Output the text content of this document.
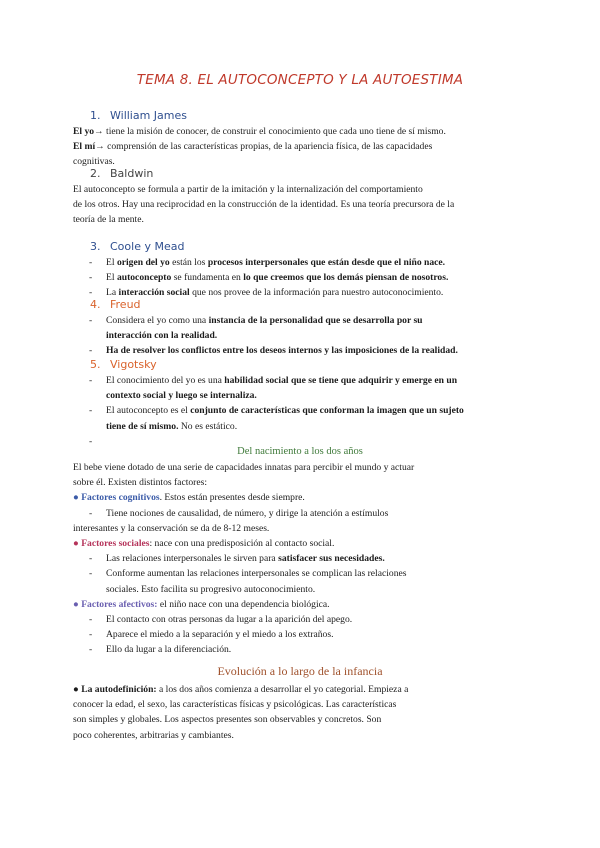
TEMA 8. EL AUTOCONCEPTO Y LA AUTOESTIMA
1. William James

El yo→ tiene la misión de conocer, de construir el conocimiento que cada uno tiene de sí mismo.

El mí→ comprensión de las características propias, de la apariencia física, de las capacidades

cognitivas.

2. Baldwin

El autoconcepto se formula a partir de la imitación y la internalización del comportamiento

de los otros. Hay una reciprocidad en la construcción de la identidad. Es una teoría precursora de la

teoría de la mente.

3. Coole y Mead
- El origen del yo están los procesos interpersonales que están desde que el niño nace.
- El autoconcepto se fundamenta en lo que creemos que los demás piensan de nosotros.
- La interacción social que nos provee de la información para nuestro autoconocimiento.
4. Freud
- Considera el yo como una instancia de la personalidad que se desarrolla por su
interacción con la realidad.
- Ha de resolver los conflictos entre los deseos internos y las imposiciones de la realidad.
5. Vigotsky
- El conocimiento del yo es una habilidad social que se tiene que adquirir y emerge en un
contexto social y luego se internaliza.
- El autoconcepto es el conjunto de características que conforman la imagen que un sujeto
tiene de sí mismo. No es estático.
-

Del nacimiento a los dos años

El bebe viene dotado de una serie de capacidades innatas para percibir el mundo y actuar

sobre él. Existen distintos factores:

● Factores cognitivos. Estos están presentes desde siempre.

- Tiene nociones de causalidad, de número, y dirige la atención a estímulos

interesantes y la conservación se da de 8-12 meses.

● Factores sociales: nace con una predisposición al contacto social.

- Las relaciones interpersonales le sirven para satisfacer sus necesidades.
- Conforme aumentan las relaciones interpersonales se complican las relaciones
sociales. Esto facilita su progresivo autoconocimiento.

● Factores afectivos: el niño nace con una dependencia biológica.

- El contacto con otras personas da lugar a la aparición del apego.
- Aparece el miedo a la separación y el miedo a los extraños.
- Ello da lugar a la diferenciación.
Evolución a lo largo de la infancia

● La autodefinición: a los dos años comienza a desarrollar el yo categorial. Empieza a

conocer la edad, el sexo, las características físicas y psicológicas. Las características

son simples y globales. Los aspectos presentes son observables y concretos. Son

poco coherentes, arbitrarias y cambiantes.
